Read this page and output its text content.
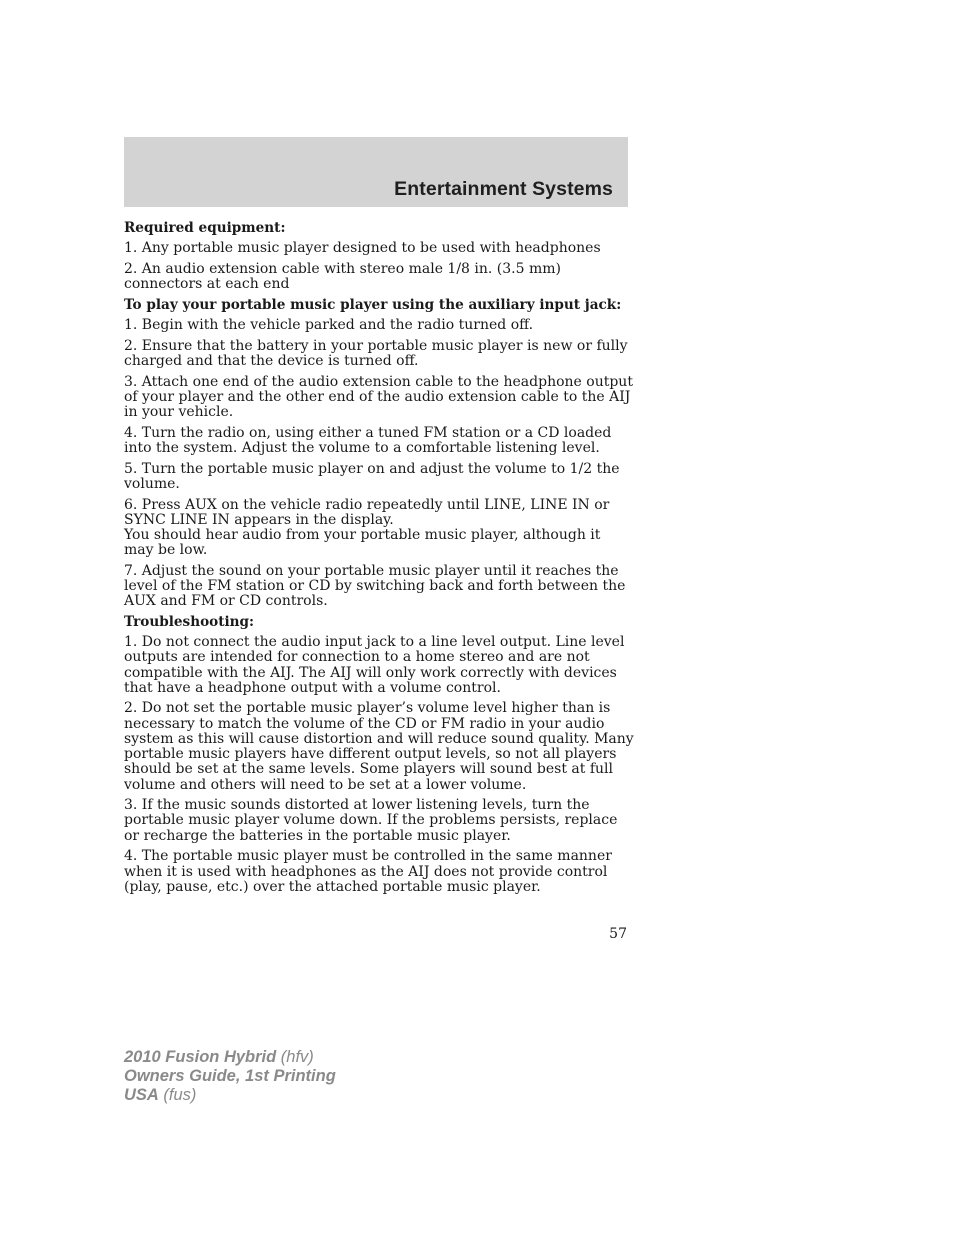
Entertainment Systems

Required equipment:

1. Any portable music player designed to be used with headphones

2. An audio extension cable with stereo male 1/8 in. (3.5 mm) connectors at each end

To play your portable music player using the auxiliary input jack:

1. Begin with the vehicle parked and the radio turned off.

2. Ensure that the battery in your portable music player is new or fully charged and that the device is turned off.

3. Attach one end of the audio extension cable to the headphone output of your player and the other end of the audio extension cable to the AIJ in your vehicle.

4. Turn the radio on, using either a tuned FM station or a CD loaded into the system. Adjust the volume to a comfortable listening level.

5. Turn the portable music player on and adjust the volume to 1/2 the volume.

6. Press AUX on the vehicle radio repeatedly until LINE, LINE IN or SYNC LINE IN appears in the display.

You should hear audio from your portable music player, although it may be low.

7. Adjust the sound on your portable music player until it reaches the level of the FM station or CD by switching back and forth between the AUX and FM or CD controls.

Troubleshooting:

1. Do not connect the audio input jack to a line level output. Line level outputs are intended for connection to a home stereo and are not compatible with the AIJ. The AIJ will only work correctly with devices that have a headphone output with a volume control.

2. Do not set the portable music player’s volume level higher than is necessary to match the volume of the CD or FM radio in your audio system as this will cause distortion and will reduce sound quality. Many portable music players have different output levels, so not all players should be set at the same levels. Some players will sound best at full volume and others will need to be set at a lower volume.

3. If the music sounds distorted at lower listening levels, turn the portable music player volume down. If the problems persists, replace or recharge the batteries in the portable music player.

4. The portable music player must be controlled in the same manner when it is used with headphones as the AIJ does not provide control (play, pause, etc.) over the attached portable music player.

57
2010 Fusion Hybrid (hfv)
Owners Guide, 1st Printing
USA (fus)
